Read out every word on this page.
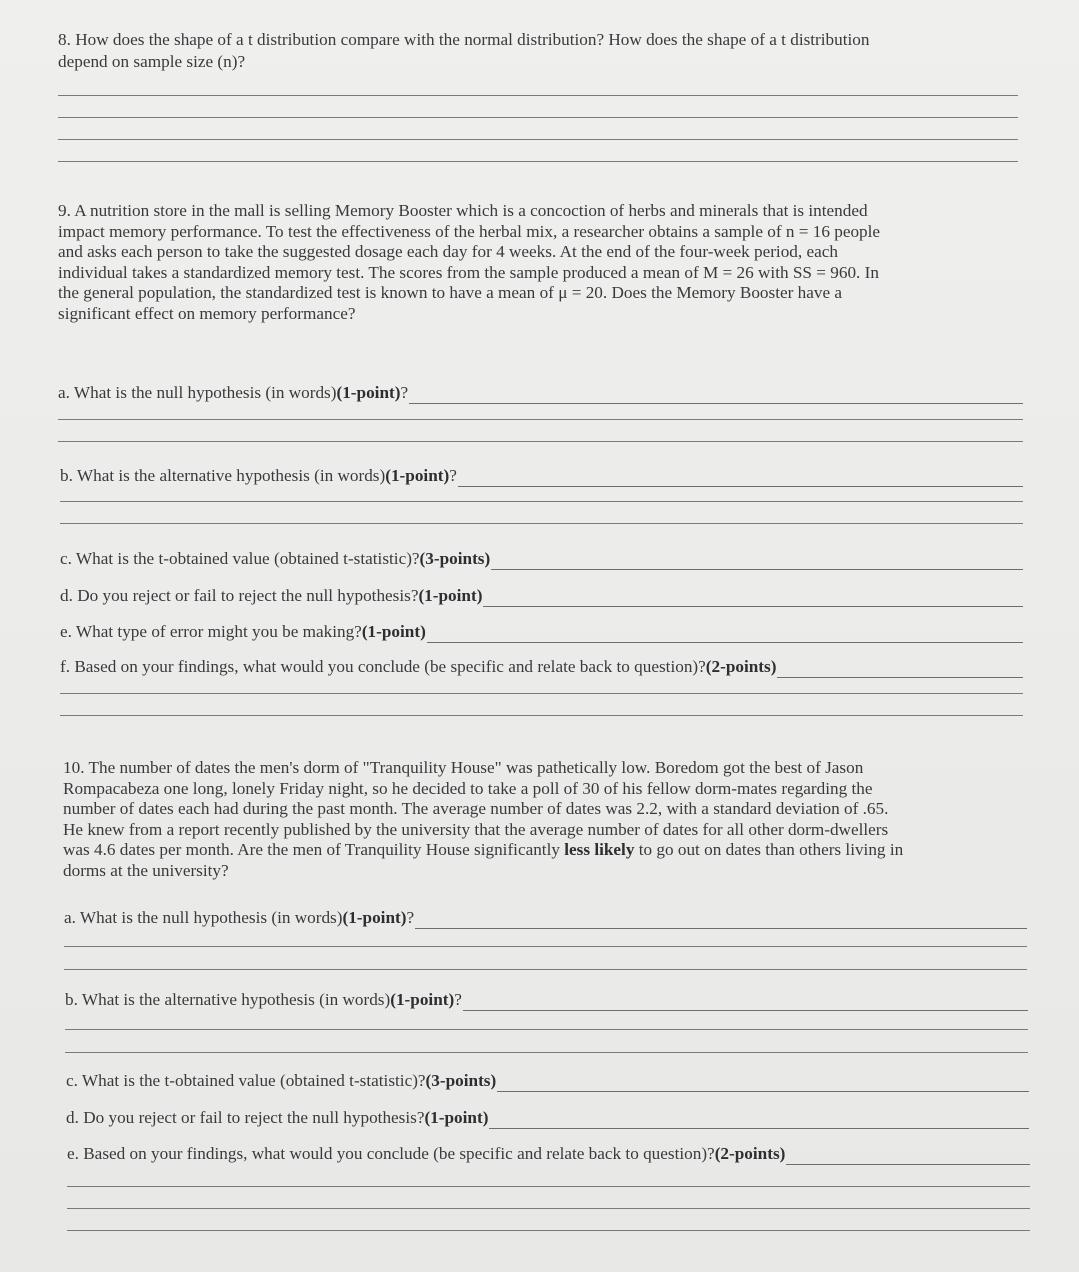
8. How does the shape of a t distribution compare with the normal distribution? How does the shape of a t distribution
depend on sample size (n)?
9. A nutrition store in the mall is selling Memory Booster which is a concoction of herbs and minerals that is intended
impact memory performance. To test the effectiveness of the herbal mix, a researcher obtains a sample of n = 16 people
and asks each person to take the suggested dosage each day for 4 weeks. At the end of the four-week period, each
individual takes a standardized memory test. The scores from the sample produced a mean of M = 26 with SS = 960. In
the general population, the standardized test is known to have a mean of μ = 20. Does the Memory Booster have a
significant effect on memory performance?
a. What is the null hypothesis (in words) (1-point) ?
b. What is the alternative hypothesis (in words) (1-point) ?
c. What is the t-obtained value (obtained t-statistic)? (3-points)
d. Do you reject or fail to reject the null hypothesis? (1-point)
e. What type of error might you be making? (1-point)
f. Based on your findings, what would you conclude (be specific and relate back to question)? (2-points)
10. The number of dates the men's dorm of "Tranquility House" was pathetically low. Boredom got the best of Jason
Rompacabeza one long, lonely Friday night, so he decided to take a poll of 30 of his fellow dorm-mates regarding the
number of dates each had during the past month. The average number of dates was 2.2, with a standard deviation of .65.
He knew from a report recently published by the university that the average number of dates for all other dorm-dwellers
was 4.6 dates per month. Are the men of Tranquility House significantly less likely to go out on dates than others living in
dorms at the university?
a. What is the null hypothesis (in words) (1-point) ?
b. What is the alternative hypothesis (in words) (1-point) ?
c. What is the t-obtained value (obtained t-statistic)? (3-points)
d. Do you reject or fail to reject the null hypothesis? (1-point)
e. Based on your findings, what would you conclude (be specific and relate back to question)? (2-points)
